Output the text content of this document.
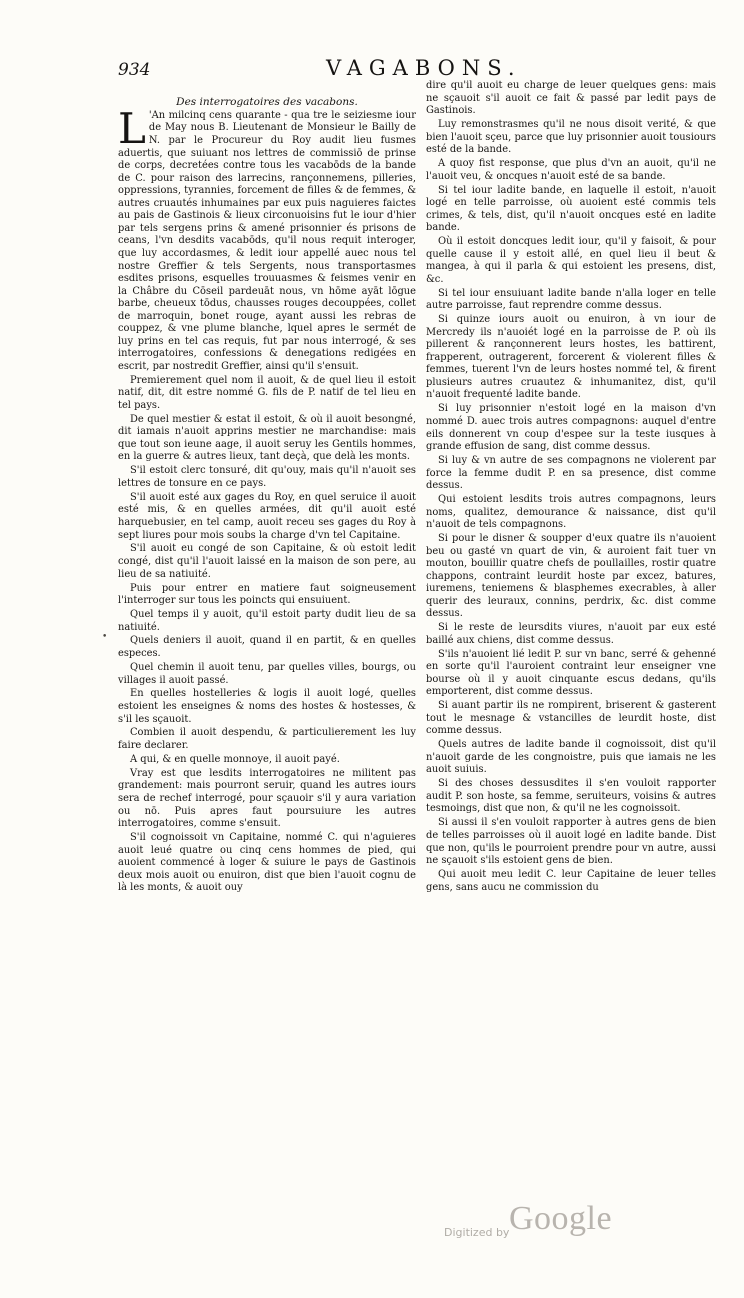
934	VAGABONS.

Des interrogatoires des vacabons.

L 'An milcinq cens quarante - qua tre le seiziesme iour de May nous B. Lieutenant de Monsieur le Bailly de N. par le Procureur du Roy audit lieu fusmes aduertis, que suiuant nos lettres de commissiō de prinse de corps, decretées contre tous les vacabōds de la bande de C. pour raison des larrecins, rançonnemens, pilleries, oppressions, tyrannies, forcement de filles & de femmes, & autres cruautés inhumaines par eux puis naguieres faictes au pais de Gastinois & lieux circonuoisins fut le iour d'hier par tels sergens prins & amené prisonnier és prisons de ceans, l'vn desdits vacabōds, qu'il nous requit interoger, que luy accordasmes, & ledit iour appellé auec nous tel nostre Greffier & tels Sergents, nous transportasmes esdites prisons, esquelles trouuasmes & feismes venir en la Châbre du Cōseil pardeuāt nous, vn hōme ayāt lōgue barbe, cheueux tōdus, chausses rouges decouppées, collet de marroquin, bonet rouge, ayant aussi les rebras de couppez, & vne plume blanche, lquel apres le sermét de luy prins en tel cas requis, fut par nous interrogé, & ses interrogatoires, confessions & denegations redigées en escrit, par nostredit Greffier, ainsi qu'il s'ensuit.

Premierement quel nom il auoit, & de quel lieu il estoit natif, dit, dit estre nommé G. fils de P. natif de tel lieu en tel pays.

De quel mestier & estat il estoit, & où il auoit besongné, dit iamais n'auoit apprins mestier ne marchandise: mais que tout son ieune aage, il auoit seruy les Gentils hommes, en la guerre & autres lieux, tant deçà, que delà les monts.

S'il estoit clerc tonsuré, dit qu'ouy, mais qu'il n'auoit ses lettres de tonsure en ce pays.

S'il auoit esté aux gages du Roy, en quel seruice il auoit esté mis, & en quelles armées, dit qu'il auoit esté harquebusier, en tel camp, auoit receu ses gages du Roy à sept liures pour mois soubs la charge d'vn tel Capitaine.

S'il auoit eu congé de son Capitaine, & où estoit ledit congé, dist qu'il l'auoit laissé en la maison de son pere, au lieu de sa natiuité.

Puis pour entrer en matiere faut soigneusement l'interroger sur tous les poincts qui ensuiuent.

Quel temps il y auoit, qu'il estoit party dudit lieu de sa natiuité.

Quels deniers il auoit, quand il en partit, & en quelles especes.

Quel chemin il auoit tenu, par quelles villes, bourgs, ou villages il auoit passé.

En quelles hostelleries & logis il auoit logé, quelles estoient les enseignes & noms des hostes & hostesses, & s'il les sçauoit.

Combien il auoit despendu, & particulierement les luy faire declarer.

A qui, & en quelle monnoye, il auoit payé.

Vray est que lesdits interrogatoires ne militent pas grandement: mais pourront seruir, quand les autres iours sera de rechef interrogé, pour sçauoir s'il y aura variation ou nō. Puis apres faut poursuiure les autres interrogatoires, comme s'ensuit.

S'il cognoissoit vn Capitaine, nommé C. qui n'aguieres auoit leué quatre ou cinq cens hommes de pied, qui auoient commencé à loger & suiure le pays de Gastinois deux mois auoit ou enuiron, dist que bien l'auoit cognu de là les monts, & auoit ouy

dire qu'il auoit eu charge de leuer quelques gens: mais ne sçauoit s'il auoit ce fait & passé par ledit pays de Gastinois.

Luy remonstrasmes qu'il ne nous disoit verité, & que bien l'auoit sçeu, parce que luy prisonnier auoit tousiours esté de la bande.

A quoy fist response, que plus d'vn an auoit, qu'il ne l'auoit veu, & oncques n'auoit esté de sa bande.

Si tel iour ladite bande, en laquelle il estoit, n'auoit logé en telle parroisse, où auoient esté commis tels crimes, & tels, dist, qu'il n'auoit oncques esté en ladite bande.

Où il estoit doncques ledit iour, qu'il y faisoit, & pour quelle cause il y estoit allé, en quel lieu il beut & mangea, à qui il parla & qui estoient les presens, dist, &c.

Si tel iour ensuiuant ladite bande n'alla loger en telle autre parroisse, faut reprendre comme dessus.

Si quinze iours auoit ou enuiron, à vn iour de Mercredy ils n'auoiét logé en la parroisse de P. où ils pillerent & rançonnerent leurs hostes, les battirent, frapperent, outragerent, forcerent & violerent filles & femmes, tuerent l'vn de leurs hostes nommé tel, & firent plusieurs autres cruautez & inhumanitez, dist, qu'il n'auoit frequenté ladite bande.

Si luy prisonnier n'estoit logé en la maison d'vn nommé D. auec trois autres compagnons: auquel d'entre eils donnerent vn coup d'espee sur la teste iusques à grande effusion de sang, dist comme dessus.

Si luy & vn autre de ses compagnons ne violerent par force la femme dudit P. en sa presence, dist comme dessus.

Qui estoient lesdits trois autres compagnons, leurs noms, qualitez, demourance & naissance, dist qu'il n'auoit de tels compagnons.

Si pour le disner & soupper d'eux quatre ils n'auoient beu ou gasté vn quart de vin, & auroient fait tuer vn mouton, bouillir quatre chefs de poullailles, rostir quatre chappons, contraint leurdit hoste par excez, batures, iuremens, teniemens & blasphemes execrables, à aller querir des leuraux, connins, perdrix, &c. dist comme dessus.

Si le reste de leursdits viures, n'auoit par eux esté baillé aux chiens, dist comme dessus.

S'ils n'auoient lié ledit P. sur vn banc, serré & gehenné en sorte qu'il l'auroient contraint leur enseigner vne bourse où il y auoit cinquante escus dedans, qu'ils emporterent, dist comme dessus.

Si auant partir ils ne rompirent, briserent & gasterent tout le mesnage & vstancilles de leurdit hoste, dist comme dessus.

Quels autres de ladite bande il cognoissoit, dist qu'il n'auoit garde de les congnoistre, puis que iamais ne les auoit suiuis.

Si des choses dessusdites il s'en vouloit rapporter audit P. son hoste, sa femme, seruiteurs, voisins & autres tesmoings, dist que non, & qu'il ne les cognoissoit.

Si aussi il s'en vouloit rapporter à autres gens de bien de telles parroisses où il auoit logé en ladite bande. Dist que non, qu'ils le pourroient prendre pour vn autre, aussi ne sçauoit s'ils estoient gens de bien.

Qui auoit meu ledit C. leur Capitaine de leuer telles gens, sans aucu ne commission du

•
Digitized by Google
